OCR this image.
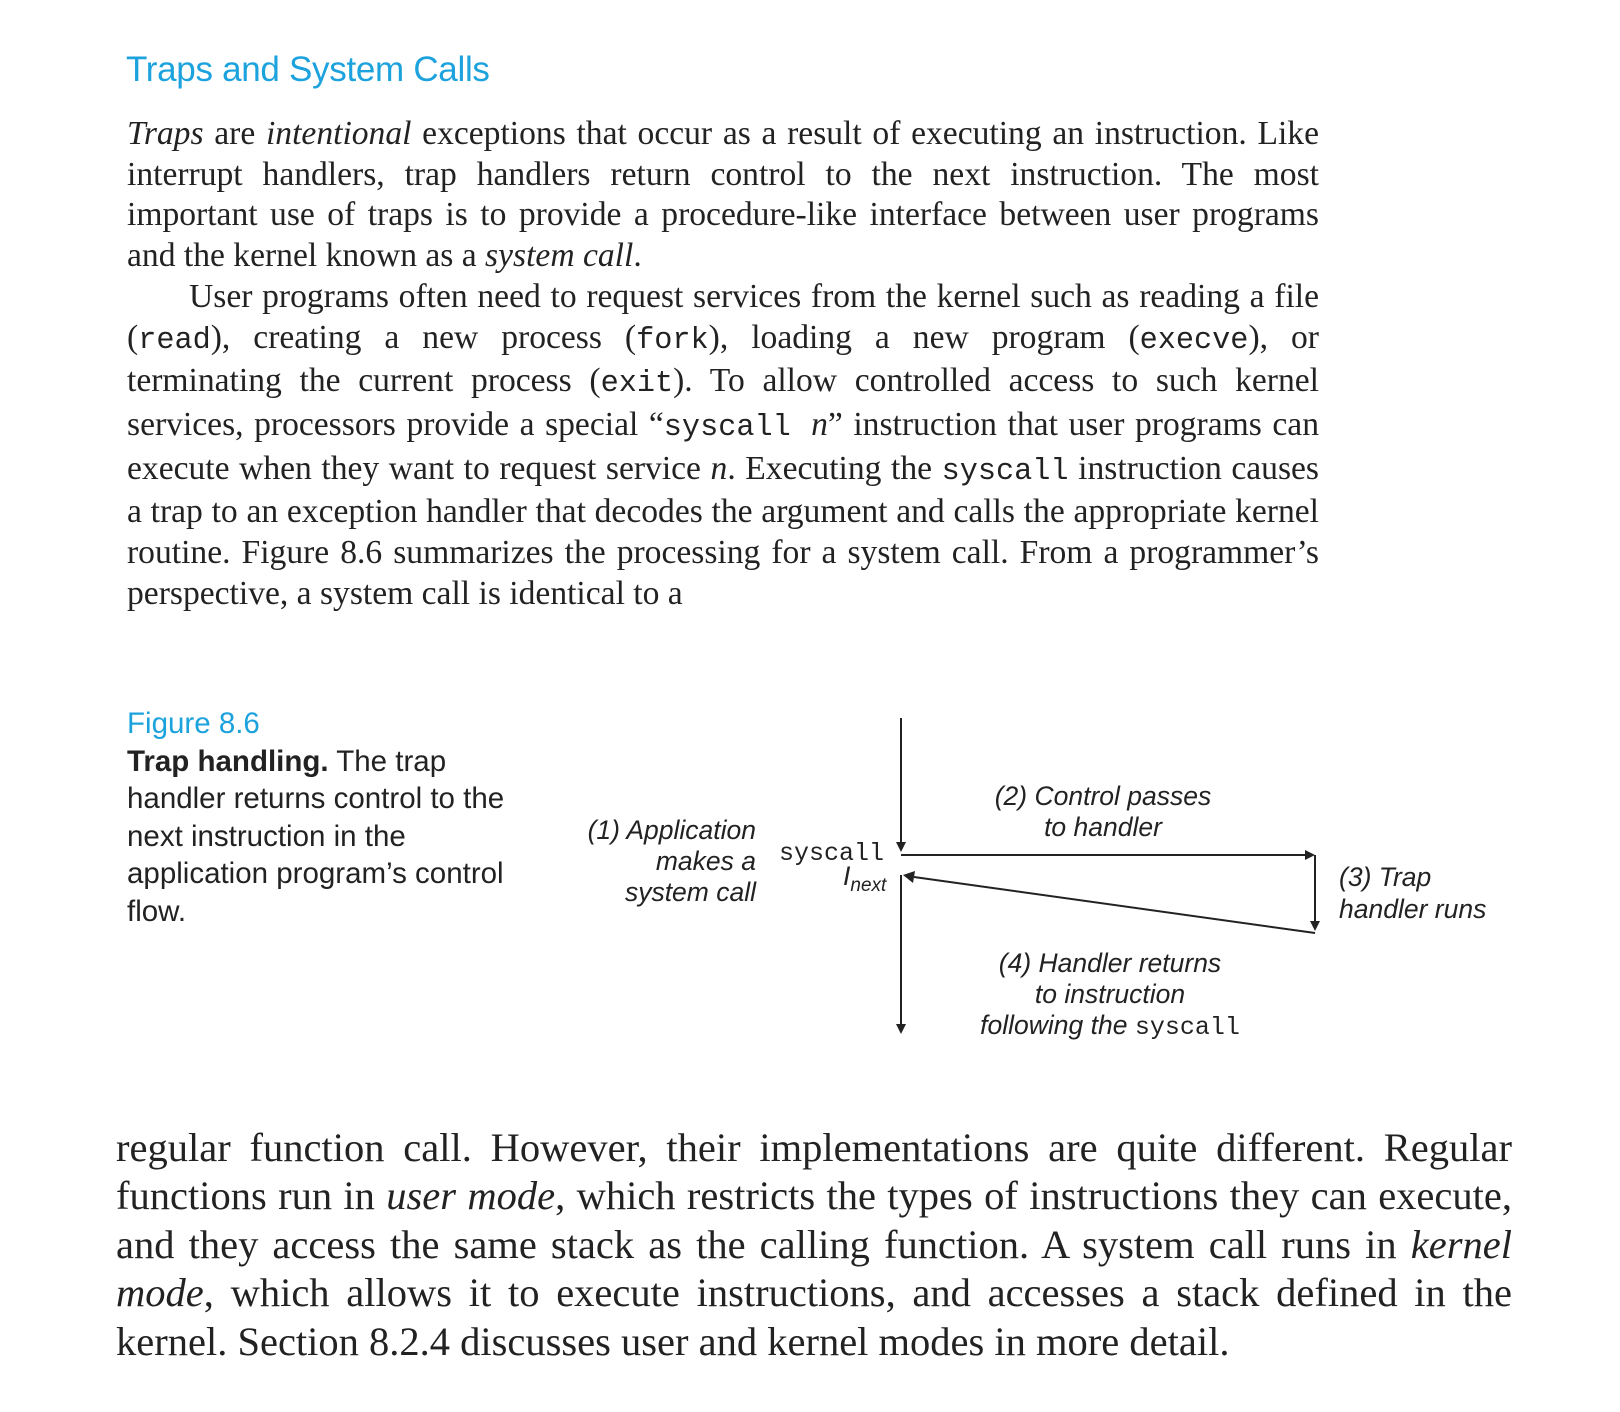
Traps and System Calls

Traps are intentional exceptions that occur as a result of executing an instruction. Like interrupt handlers, trap handlers return control to the next instruction. The most important use of traps is to provide a procedure-like interface between user programs and the kernel known as a system call.

User programs often need to request services from the kernel such as reading a file (read), creating a new process (fork), loading a new program (execve), or terminating the current process (exit). To allow controlled access to such kernel services, processors provide a special “syscall n” instruction that user programs can execute when they want to request service n. Executing the syscall instruction causes a trap to an exception handler that decodes the argument and calls the appropriate kernel routine. Figure 8.6 summarizes the processing for a system call. From a programmer’s perspective, a system call is identical to a

Figure 8.6
Trap handling. The trap handler returns control to the next instruction in the application program’s control flow.
(1) Application
makes a
system call
syscall
$I_{next}$
(2) Control passes
to handler
(3) Trap
handler runs
(4) Handler returns
to instruction
following the syscall

regular function call. However, their implementations are quite different. Regular functions run in user mode, which restricts the types of instructions they can execute, and they access the same stack as the calling function. A system call runs in kernel mode, which allows it to execute instructions, and accesses a stack defined in the kernel. Section 8.2.4 discusses user and kernel modes in more detail.
